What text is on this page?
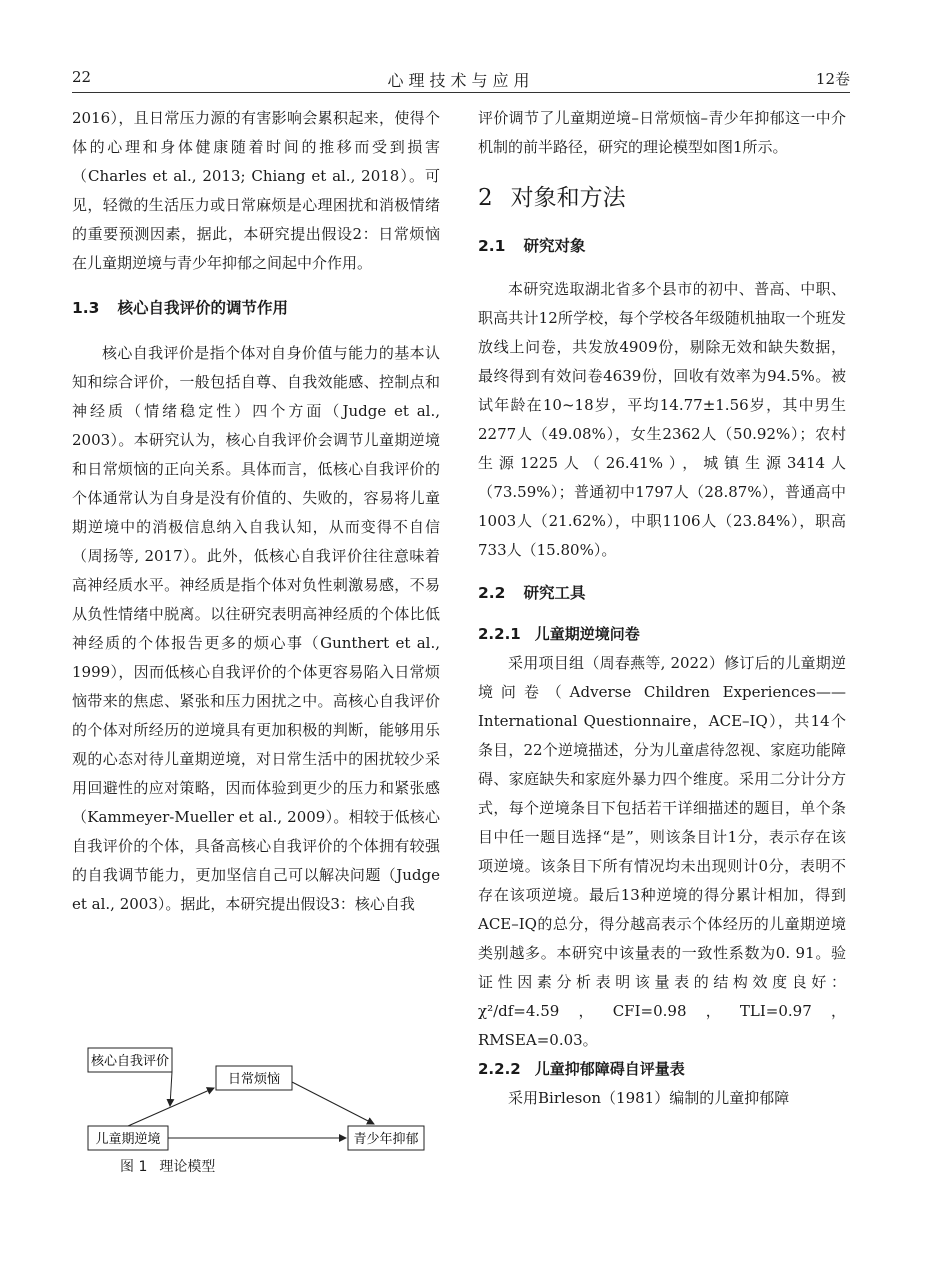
22	心理技术与应用	12卷

2016），且日常压力源的有害影响会累积起来，使得个体的心理和身体健康随着时间的推移而受到损害（Charles et al., 2013; Chiang et al., 2018）。可见，轻微的生活压力或日常麻烦是心理困扰和消极情绪的重要预测因素，据此，本研究提出假设2：日常烦恼在儿童期逆境与青少年抑郁之间起中介作用。

1.3 核心自我评价的调节作用

核心自我评价是指个体对自身价值与能力的基本认知和综合评价，一般包括自尊、自我效能感、控制点和神经质（情绪稳定性）四个方面（Judge et al., 2003）。本研究认为，核心自我评价会调节儿童期逆境和日常烦恼的正向关系。具体而言，低核心自我评价的个体通常认为自身是没有价值的、失败的，容易将儿童期逆境中的消极信息纳入自我认知，从而变得不自信（周扬等, 2017）。此外，低核心自我评价往往意味着高神经质水平。神经质是指个体对负性刺激易感，不易从负性情绪中脱离。以往研究表明高神经质的个体比低神经质的个体报告更多的烦心事（Gunthert et al., 1999），因而低核心自我评价的个体更容易陷入日常烦恼带来的焦虑、紧张和压力困扰之中。高核心自我评价的个体对所经历的逆境具有更加积极的判断，能够用乐观的心态对待儿童期逆境，对日常生活中的困扰较少采用回避性的应对策略，因而体验到更少的压力和紧张感（Kammeyer-Mueller et al., 2009）。相较于低核心自我评价的个体，具备高核心自我评价的个体拥有较强的自我调节能力，更加坚信自己可以解决问题（Judge et al., 2003）。据此，本研究提出假设3：核心自我

核心自我评价
日常烦恼
儿童期逆境	青少年抑郁
图 1 理论模型

评价调节了儿童期逆境–日常烦恼–青少年抑郁这一中介机制的前半路径，研究的理论模型如图1所示。

2 对象和方法
2.1 研究对象

本研究选取湖北省多个县市的初中、普高、中职、职高共计12所学校，每个学校各年级随机抽取一个班发放线上问卷，共发放4909份，剔除无效和缺失数据，最终得到有效问卷4639份，回收有效率为94.5%。被试年龄在10~18岁，平均14.77±1.56岁，其中男生2277人（49.08%），女生2362人（50.92%）；农村生源1225人（26.41%），城镇生源3414人（73.59%）；普通初中1797人（28.87%），普通高中1003人（21.62%），中职1106人（23.84%），职高733人（15.80%）。

2.2 研究工具
2.2.1 儿童期逆境问卷

采用项目组（周春燕等, 2022）修订后的儿童期逆境问卷（Adverse Children Experiences——International Questionnaire，ACE–IQ），共14个条目，22个逆境描述，分为儿童虐待忽视、家庭功能障碍、家庭缺失和家庭外暴力四个维度。采用二分计分方式，每个逆境条目下包括若干详细描述的题目，单个条目中任一题目选择“是”，则该条目计1分，表示存在该项逆境。该条目下所有情况均未出现则计0分，表明不存在该项逆境。最后13种逆境的得分累计相加，得到ACE–IQ的总分，得分越高表示个体经历的儿童期逆境类别越多。本研究中该量表的一致性系数为0. 91。验证性因素分析表明该量表的结构效度良好：χ²/df=4.59，CFI=0.98，TLI=0.97，RMSEA=0.03。

2.2.2 儿童抑郁障碍自评量表

采用Birleson（1981）编制的儿童抑郁障
